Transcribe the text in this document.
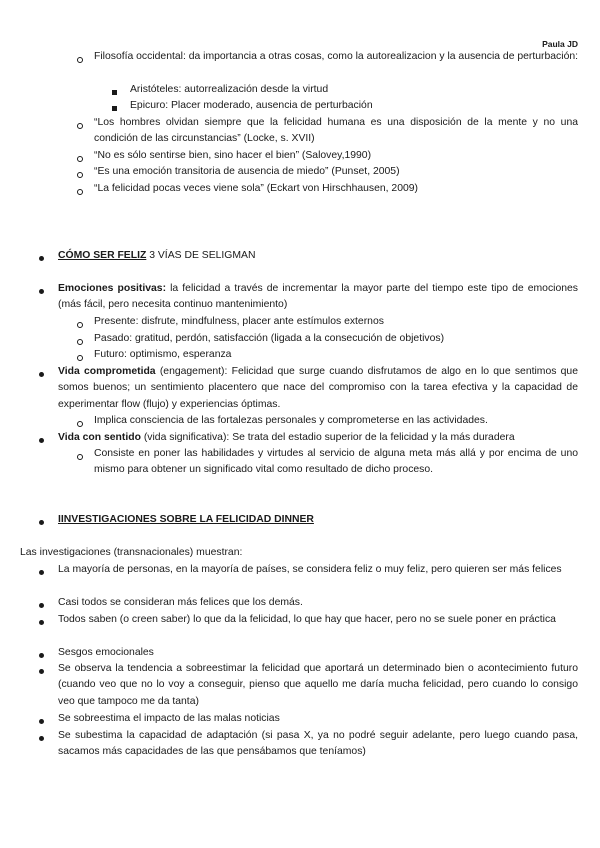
Paula JD
Filosofía occidental: da importancia a otras cosas, como la autorealizacion y la ausencia de perturbación:
Aristóteles: autorrealización desde la virtud
Epicuro: Placer moderado, ausencia de perturbación
“Los hombres olvidan siempre que la felicidad humana es una disposición de la mente y no una condición de las circunstancias” (Locke, s. XVII)
“No es sólo sentirse bien, sino hacer el bien” (Salovey,1990)
“Es una emoción transitoria de ausencia de miedo” (Punset, 2005)
“La felicidad pocas veces viene sola” (Eckart von Hirschhausen, 2009)
CÓMO SER FELIZ 3 VÍAS DE SELIGMAN
Emociones positivas: la felicidad a través de incrementar la mayor parte del tiempo este tipo de emociones (más fácil, pero necesita continuo mantenimiento)
Presente: disfrute, mindfulness, placer ante estímulos externos
Pasado: gratitud, perdón, satisfacción (ligada a la consecución de objetivos)
Futuro: optimismo, esperanza
Vida comprometida (engagement): Felicidad que surge cuando disfrutamos de algo en lo que sentimos que somos buenos; un sentimiento placentero que nace del compromiso con la tarea efectiva y la capacidad de experimentar flow (flujo) y experiencias óptimas.
Implica consciencia de las fortalezas personales y comprometerse en las actividades.
Vida con sentido (vida significativa): Se trata del estadio superior de la felicidad y la más duradera
Consiste en poner las habilidades y virtudes al servicio de alguna meta más allá y por encima de uno mismo para obtener un significado vital como resultado de dicho proceso.
IINVESTIGACIONES SOBRE LA FELICIDAD DINNER
Las investigaciones (transnacionales) muestran:
La mayoría de personas, en la mayoría de países, se considera feliz o muy feliz, pero quieren ser más felices
Casi todos se consideran más felices que los demás.
Todos saben (o creen saber) lo que da la felicidad, lo que hay que hacer, pero no se suele poner en práctica
Sesgos emocionales
Se observa la tendencia a sobreestimar la felicidad que aportará un determinado bien o acontecimiento futuro (cuando veo que no lo voy a conseguir, pienso que aquello me daría mucha felicidad, pero cuando lo consigo veo que tampoco me da tanta)
Se sobreestima el impacto de las malas noticias
Se subestima la capacidad de adaptación (si pasa X, ya no podré seguir adelante, pero luego cuando pasa, sacamos más capacidades de las que pensábamos que teníamos)
